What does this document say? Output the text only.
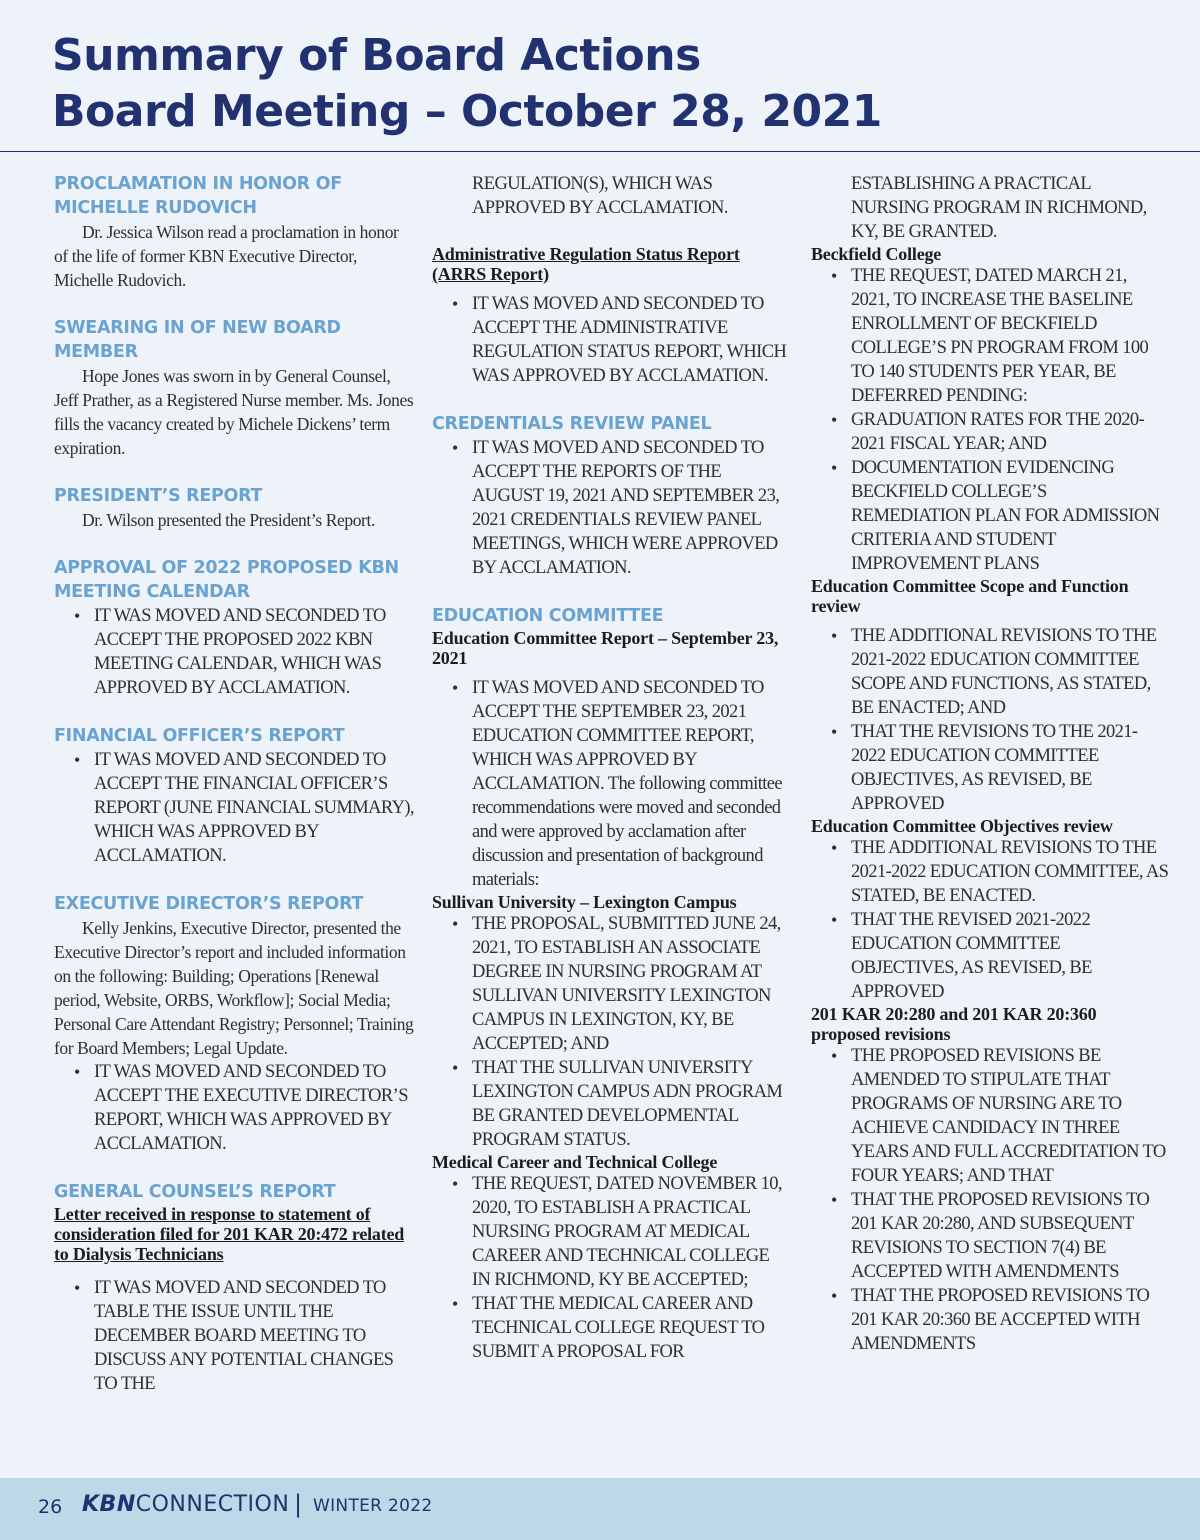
Summary of Board Actions
Board Meeting – October 28, 2021
PROCLAMATION IN HONOR OF MICHELLE RUDOVICH

Dr. Jessica Wilson read a proclamation in honor of the life of former KBN Executive Director, Michelle Rudovich.

SWEARING IN OF NEW BOARD MEMBER

Hope Jones was sworn in by General Counsel, Jeff Prather, as a Registered Nurse member. Ms. Jones fills the vacancy created by Michele Dickens’ term expiration.

PRESIDENT’S REPORT

Dr. Wilson presented the President’s Report.

APPROVAL OF 2022 PROPOSED KBN MEETING CALENDAR
• IT WAS MOVED AND SECONDED TO ACCEPT THE PROPOSED 2022 KBN MEETING CALENDAR, WHICH WAS APPROVED BY ACCLAMATION.
FINANCIAL OFFICER’S REPORT
• IT WAS MOVED AND SECONDED TO ACCEPT THE FINANCIAL OFFICER’S REPORT (JUNE FINANCIAL SUMMARY), WHICH WAS APPROVED BY ACCLAMATION.
EXECUTIVE DIRECTOR’S REPORT

Kelly Jenkins, Executive Director, presented the Executive Director’s report and included information on the following: Building; Operations [Renewal period, Website, ORBS, Workflow]; Social Media; Personal Care Attendant Registry; Personnel; Training for Board Members; Legal Update.

• IT WAS MOVED AND SECONDED TO ACCEPT THE EXECUTIVE DIRECTOR’S REPORT, WHICH WAS APPROVED BY ACCLAMATION.
GENERAL COUNSEL’S REPORT
Letter received in response to statement of consideration filed for 201 KAR 20:472 related to Dialysis Technicians
• IT WAS MOVED AND SECONDED TO TABLE THE ISSUE UNTIL THE DECEMBER BOARD MEETING TO DISCUSS ANY POTENTIAL CHANGES TO THE
REGULATION(S), WHICH WAS APPROVED BY ACCLAMATION.
Administrative Regulation Status Report (ARRS Report)
• IT WAS MOVED AND SECONDED TO ACCEPT THE ADMINISTRATIVE REGULATION STATUS REPORT, WHICH WAS APPROVED BY ACCLAMATION.
CREDENTIALS REVIEW PANEL
• IT WAS MOVED AND SECONDED TO ACCEPT THE REPORTS OF THE AUGUST 19, 2021 AND SEPTEMBER 23, 2021 CREDENTIALS REVIEW PANEL MEETINGS, WHICH WERE APPROVED BY ACCLAMATION.
EDUCATION COMMITTEE
Education Committee Report – September 23, 2021
• IT WAS MOVED AND SECONDED TO ACCEPT THE SEPTEMBER 23, 2021 EDUCATION COMMITTEE REPORT, WHICH WAS APPROVED BY ACCLAMATION. The following committee recommendations were moved and seconded and were approved by acclamation after discussion and presentation of background materials:
Sullivan University – Lexington Campus
• THE PROPOSAL, SUBMITTED JUNE 24, 2021, TO ESTABLISH AN ASSOCIATE DEGREE IN NURSING PROGRAM AT SULLIVAN UNIVERSITY LEXINGTON CAMPUS IN LEXINGTON, KY, BE ACCEPTED; AND
• THAT THE SULLIVAN UNIVERSITY LEXINGTON CAMPUS ADN PROGRAM BE GRANTED DEVELOPMENTAL PROGRAM STATUS.
Medical Career and Technical College
• THE REQUEST, DATED NOVEMBER 10, 2020, TO ESTABLISH A PRACTICAL NURSING PROGRAM AT MEDICAL CAREER AND TECHNICAL COLLEGE IN RICHMOND, KY BE ACCEPTED;
• THAT THE MEDICAL CAREER AND TECHNICAL COLLEGE REQUEST TO SUBMIT A PROPOSAL FOR
ESTABLISHING A PRACTICAL NURSING PROGRAM IN RICHMOND, KY, BE GRANTED.
Beckfield College
• THE REQUEST, DATED MARCH 21, 2021, TO INCREASE THE BASELINE ENROLLMENT OF BECKFIELD COLLEGE’S PN PROGRAM FROM 100 TO 140 STUDENTS PER YEAR, BE DEFERRED PENDING:
• GRADUATION RATES FOR THE 2020-2021 FISCAL YEAR; AND
• DOCUMENTATION EVIDENCING BECKFIELD COLLEGE’S REMEDIATION PLAN FOR ADMISSION CRITERIA AND STUDENT IMPROVEMENT PLANS
Education Committee Scope and Function review
• THE ADDITIONAL REVISIONS TO THE 2021-2022 EDUCATION COMMITTEE SCOPE AND FUNCTIONS, AS STATED, BE ENACTED; AND
• THAT THE REVISIONS TO THE 2021-2022 EDUCATION COMMITTEE OBJECTIVES, AS REVISED, BE APPROVED
Education Committee Objectives review
• THE ADDITIONAL REVISIONS TO THE 2021-2022 EDUCATION COMMITTEE, AS STATED, BE ENACTED.
• THAT THE REVISED 2021-2022 EDUCATION COMMITTEE OBJECTIVES, AS REVISED, BE APPROVED
201 KAR 20:280 and 201 KAR 20:360 proposed revisions
• THE PROPOSED REVISIONS BE AMENDED TO STIPULATE THAT PROGRAMS OF NURSING ARE TO ACHIEVE CANDIDACY IN THREE YEARS AND FULL ACCREDITATION TO FOUR YEARS; AND THAT
• THAT THE PROPOSED REVISIONS TO 201 KAR 20:280, AND SUBSEQUENT REVISIONS TO SECTION 7(4) BE ACCEPTED WITH AMENDMENTS
• THAT THE PROPOSED REVISIONS TO 201 KAR 20:360 BE ACCEPTED WITH AMENDMENTS
26 KBNCONNECTION | WINTER 2022
